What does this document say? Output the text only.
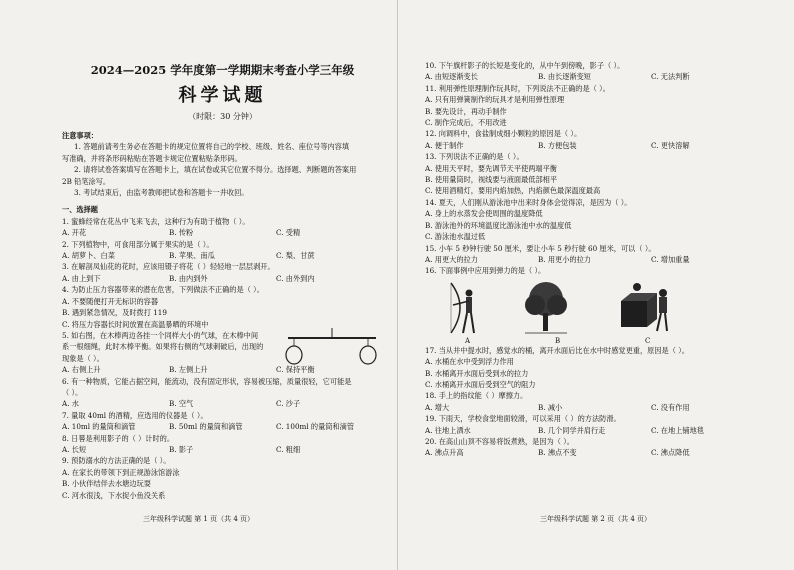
2024—2025 学年度第一学期期末考查小学三年级
科学试题
（时限：30 分钟）
注意事项：
1. 答题前请考生务必在答题卡的规定位置将自己的学校、班级、姓名、座位号等内容填
写准确，并将条形码粘贴在答题卡规定位置粘贴条形码。
2. 请将试卷答案填写在答题卡上，填在试卷或其它位置不得分。选择题、判断题的答案用
2B 铅笔涂写。
3. 考试结束后，由监考教师把试卷和答题卡一并收回。
一、选择题
1. 蜜蜂经常在花丛中飞来飞去，这种行为有助于植物（ ）。
A. 开花	B. 传粉	C. 受精
2. 下列植物中，可食用部分属于果实的是（ ）。
A. 胡萝卜、白菜	B. 苹果、南瓜	C. 梨、甘蔗
3. 在解剖凤仙花的花时，应该用镊子将花（ ）轻轻地一层层剥开。
A. 由上到下	B. 由内到外	C. 由外到内
4. 为防止压力容器带来的潜在危害，下列做法不正确的是（ ）。
A. 不要随便打开无标识的容器
B. 遇到紧急情况，及时拨打 119
C. 将压力容器长时间放置在高温暴晒的环境中
5. 如右图，在木棒两边各挂一个同样大小的气球，在木棒中间
系一根细绳，此时木棒平衡。如果将右侧的气球刺破后，出现的
现象是（ ）。
A. 右侧上升	B. 左侧上升	C. 保持平衡
6. 有一种物质，它能占据空间，能流动，没有固定形状，容易被压缩，质量很轻，它可能是
（ ）。
A. 水	B. 空气	C. 沙子
7. 量取 40ml 的酒精，应选用的仪器是（ ）。
A. 10ml 的量筒和滴管	B. 50ml 的量筒和滴管	C. 100ml 的量筒和滴管
8. 日晷是利用影子的（ ）计时的。
A. 长短	B. 影子	C. 粗细
9. 预防溺水的方法正确的是（ ）。
A. 在家长的带领下到正规游泳馆游泳
B. 小伙伴结伴去水塘边玩耍
C. 河水很浅，下水捉小鱼没关系
三年级科学试题 第 1 页（共 4 页）
10. 下午旗杆影子的长短是变化的，从中午到傍晚，影子（ ）。
A. 由短逐渐变长	B. 由长逐渐变短	C. 无法判断
11. 利用弹性原理制作玩具时，下列说法不正确的是（ ）。
A. 只有用弹簧制作的玩具才是利用弹性原理
B. 要先设计，再动手制作
C. 制作完成后，不用改进
12. 向调料中，食盐制成细小颗粒的原因是（ ）。
A. 便于制作	B. 方便包装	C. 更快溶解
13. 下列说法不正确的是（ ）。
A. 使用天平时，要先调节天平使两端平衡
B. 使用量筒时，视线要与液面最低部相平
C. 使用酒精灯，要用内焰加热，内焰颜色最深温度最高
14. 夏天，人们刚从游泳池中出来时身体会觉得凉，是因为（ ）。
A. 身上的水蒸发会使周围的温度降低
B. 游泳池外的环境温度比游泳池中水的温度低
C. 游泳池水温过低
15. 小车 5 秒钟行驶 50 厘米，要让小车 5 秒行驶 60 厘米，可以（ ）。
A. 用更大的拉力	B. 用更小的拉力	C. 增加重量
16. 下面事例中应用到弹力的是（ ）。
A	B	C
17. 当从井中提水时，感觉水的桶，离开水面后比在水中时感觉更重，原因是（ ）。
A. 水桶在水中受到浮力作用
B. 水桶离开水面后受到水的拉力
C. 水桶离开水面后受到空气的阻力
18. 手上的指纹能（ ）摩擦力。
A. 增大	B. 减小	C. 没有作用
19. 下雨天，学校食堂地面较滑，可以采用（ ）的方法防滑。
A. 往地上洒水	B. 几个同学并肩行走	C. 在地上铺地毯
20. 在高山山顶不容易将饭煮熟，是因为（ ）。
A. 沸点升高	B. 沸点不变	C. 沸点降低
三年级科学试题 第 2 页（共 4 页）
